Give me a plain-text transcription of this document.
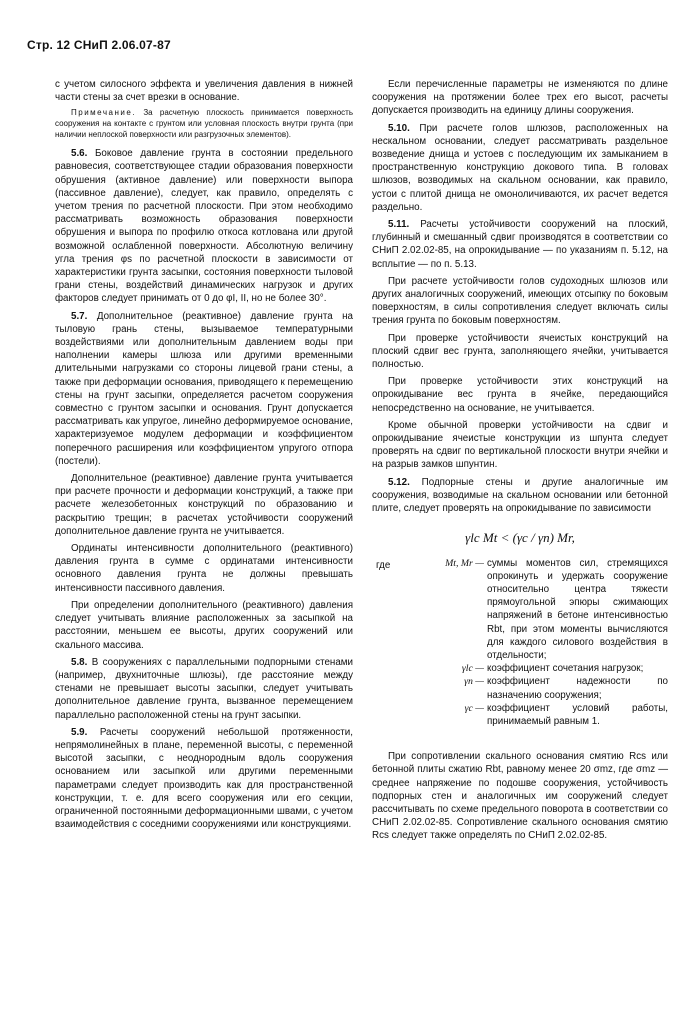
Стр. 12 СНиП 2.06.07-87

с учетом силосного эффекта и увеличения давления в нижней части стены за счет врезки в основание.

Примечание. За расчетную плоскость принимается поверхность сооружения на контакте с грунтом или условная плоскость внутри грунта (при наличии неплоской поверхности или разгрузочных элементов).

5.6. Боковое давление грунта в состоянии предельного равновесия, соответствующее стадии образования поверхности обрушения (активное давление) или поверхности выпора (пассивное давление), следует, как правило, определять с учетом трения по расчетной плоскости. При этом необходимо рассматривать возможность образования поверхности обрушения и выпора по профилю откоса котлована или другой возможной ослабленной поверхности. Абсолютную величину угла трения φs по расчетной плоскости в зависимости от характеристики грунта засыпки, состояния поверхности тыловой грани стены, воздействий динамических нагрузок и других факторов следует принимать от 0 до φI, II, но не более 30°.

5.7. Дополнительное (реактивное) давление грунта на тыловую грань стены, вызываемое температурными воздействиями или дополнительным давлением воды при наполнении камеры шлюза или другими временными длительными нагрузками со стороны лицевой грани стены, а также при деформации основания, приводящего к перемещению стены на грунт засыпки, определяется расчетом сооружения совместно с грунтом засыпки и основания. Грунт допускается рассматривать как упругое, линейно деформируемое основание, характеризуемое модулем деформации и коэффициентом поперечного расширения или коэффициентом упругого отпора (постели).

Дополнительное (реактивное) давление грунта учитывается при расчете прочности и деформации конструкций, а также при расчете железобетонных конструкций по образованию и раскрытию трещин; в расчетах устойчивости сооружений дополнительное давление грунта не учитывается.

Ординаты интенсивности дополнительного (реактивного) давления грунта в сумме с ординатами интенсивности основного давления грунта не должны превышать интенсивности пассивного давления.

При определении дополнительного (реактивного) давления следует учитывать влияние расположенных за засыпкой на расстоянии, меньшем ее высоты, других сооружений или скального массива.

5.8. В сооружениях с параллельными подпорными стенами (например, двухниточные шлюзы), где расстояние между стенами не превышает высоты засыпки, следует учитывать дополнительное давление грунта, вызванное перемещением параллельно расположенной стены на грунт засыпки.

5.9. Расчеты сооружений небольшой протяженности, непрямолинейных в плане, переменной высоты, с переменной высотой засыпки, с неоднородным вдоль сооружения основанием или засыпкой или другими переменными параметрами следует производить как для пространственной конструкции, т. е. для всего сооружения или его секции, ограниченной постоянными деформационными швами, с учетом взаимодействия с соседними сооружениями или конструкциями.

Если перечисленные параметры не изменяются по длине сооружения на протяжении более трех его высот, расчеты допускается производить на единицу длины сооружения.

5.10. При расчете голов шлюзов, расположенных на нескальном основании, следует рассматривать раздельное возведение днища и устоев с последующим их замыканием в пространственную конструкцию докового типа. В головах шлюзов, возводимых на скальном основании, как правило, устои с плитой днища не омоноличиваются, их расчет ведется раздельно.

5.11. Расчеты устойчивости сооружений на плоский, глубинный и смешанный сдвиг производятся в соответствии со СНиП 2.02.02-85, на опрокидывание — по указаниям п. 5.12, на всплытие — по п. 5.13.

При расчете устойчивости голов судоходных шлюзов или других аналогичных сооружений, имеющих отсыпку по боковым поверхностям, в силы сопротивления следует включать силы трения грунта по боковым поверхностям.

При проверке устойчивости ячеистых конструкций на плоский сдвиг вес грунта, заполняющего ячейки, учитывается полностью.

При проверке устойчивости этих конструкций на опрокидывание вес грунта в ячейке, передающийся непосредственно на основание, не учитывается.

Кроме обычной проверки устойчивости на сдвиг и опрокидывание ячеистые конструкции из шпунта следует проверять на сдвиг по вертикальной плоскости внутри ячейки и на разрыв замков шпунтин.

5.12. Подпорные стены и другие аналогичные им сооружения, возводимые на скальном основании или бетонной плите, следует проверять на опрокидывание по зависимости

γlc Mt < (γc / γn) Mr,
где	Mt, Mr — суммы моментов сил, стремящихся опрокинуть и удержать сооружение относительно центра тяжести прямоугольной эпюры сжимающих напряжений в бетоне интенсивностью Rbt, при этом моменты вычисляются для каждого силового воздействия в отдельности;
γlc — коэффициент сочетания нагрузок;
γn — коэффициент надежности по назначению сооружения;
γc — коэффициент условий работы, принимаемый равным 1.

При сопротивлении скального основания смятию Rcs или бетонной плиты сжатию Rbt, равному менее 20 σmz, где σmz — среднее напряжение по подошве сооружения, устойчивость подпорных стен и аналогичных им сооружений следует рассчитывать по схеме предельного поворота в соответствии со СНиП 2.02.02-85. Сопротивление скального основания смятию Rcs следует также определять по СНиП 2.02.02-85.
